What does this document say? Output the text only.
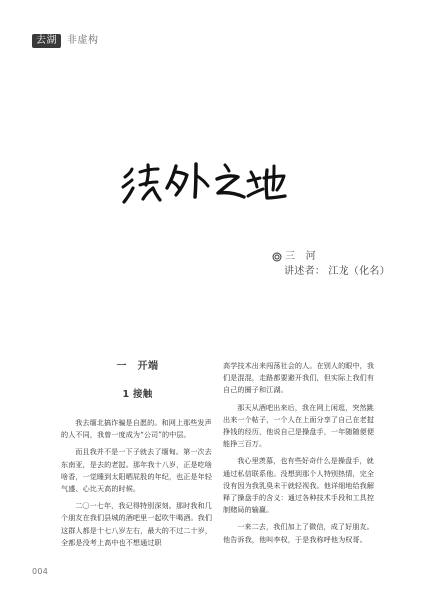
去湖	非虚构
三　河
讲述者： 江龙（化名）
一　开端
1 接触

我去缅北搞诈骗是自愿的。和网上那些发声的人不同，我曾一度成为“公司”的中层。

而且我并不是一下子就去了缅甸。第一次去东南亚，是去的老挝。那年我十八岁，正是吃啥啥香，一觉睡到太阳晒屁股的年纪，也正是年轻气盛、心比天高的时候。

二〇一七年，我记得特别深刻。那时我和几个朋友在我们县城的酒吧里一起吹牛喝酒。我们这群人都是十七八岁左右，最大的不过二十岁，全都是没考上高中也不想通过职

高学技术出来闯荡社会的人。在别人的眼中，我们是混混，走路都要避开我们，但实际上我们有自己的圈子和江湖。

那天从酒吧出来后，我在网上闲逛，突然跳出来一个帖子，一个人在上面分享了自己在老挝挣钱的经历，他说自己是操盘手，一年随随便便能挣三百万。

我心里羡慕，也有些好奇什么是操盘手，就通过私信联系他。没想到那个人特别热情，完全没有因为我乳臭未干就轻视我。他详细地给我解释了操盘手的含义：通过各种技术手段和工具控制赌局的输赢。

一来二去，我们加上了微信，成了好朋友。他告诉我，他叫李权，于是我称呼他为权哥。

004
